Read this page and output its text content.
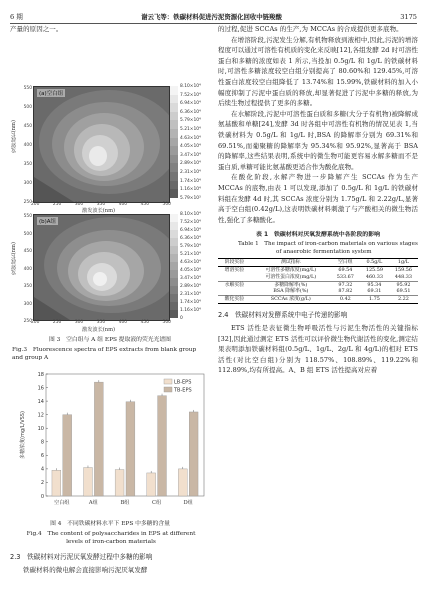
6 期	谢云飞等：铁碳材料促进污泥资源化回收中链羧酸	3175

产量的原因之一。

发射波长(nm)
550
500
450
400
350
300
250
(a)空白组
8.10×10⁴
7.52×10⁴
6.94×10⁴
6.36×10⁴
5.79×10⁴
5.21×10⁴
4.63×10⁴
4.05×10⁴
3.47×10⁴
2.89×10⁴
2.31×10⁴
1.74×10⁴
1.16×10⁴
5.79×10³
200	250	300	350	400	450	500
激发波长(nm)
发射波长(nm)
550
500
450
400
350
300
250
(b)A组
8.10×10⁴
7.52×10⁴
6.94×10⁴
6.36×10⁴
5.79×10⁴
5.21×10⁴
4.63×10⁴
4.05×10⁴
3.47×10⁴
2.89×10⁴
2.31×10⁴
1.74×10⁴
1.16×10⁴
0
200	250	300	350	400	450	500
激发波长(nm)
图 3　空白组与 A 组 EPS 提取液的荧光光谱图
Fig.3　Fluorescence spectra of EPS extracts from blank group and group A
0
2
4
6
8
10
12
14
16
18
多糖浓度(mg/L/VSS)
空白组	A组	B组	C组	D组
LB-EPS
TB-EPS
图 4　不同铁碳材料水平下 EPS 中多糖的含量
Fig.4　The content of polysaccharides in EPS at different levels of iron-carbon materials
2.3　铁碳材料对污泥厌氧发酵过程中多糖的影响

铁碳材料的微电解会直接影响污泥厌氧发酵

的过程,促进 SCCAs 的生产,为 MCCAs 的合成提供更多底物。

在增溶阶段,污泥发生分解,有机物释放到液相中,因此,污泥的增溶程度可以通过可溶性有机质的变化来反映[12],各组发酵 2d 时可溶性蛋白和多糖的浓度如表 1 所示,当投加 0.5g/L 和 1g/L 的铁碳材料时,可溶性多糖浓度较空白组分别提高了 80.60%和 129.45%,可溶性蛋白浓度较空白组降低了 13.74%和 15.99%,铁碳材料的加入小幅度抑制了污泥中蛋白质的释放,却显著促进了污泥中多糖的释放,为后续生物过程提供了更多的多糖。

在水解阶段,污泥中可溶性蛋白质和多糖(大分子有机物)被降解成氨基酸和单糖[24],发酵 3d 时各组中可溶性有机物的情况见表 1,当铁碳材料为 0.5g/L 和 1g/L 时,BSA 的降解率分别为 69.31%和 69.51%,而葡聚糖的降解率为 95.34%和 95.92%,显著高于 BSA 的降解率,这些结果表明,系统中的微生物可能更容易水解多糖而不是蛋白质,单糖可能比氨基酸更适合作为酸化底物。

在酸化阶段,水解产物进一步降解产生 SCCAs 作为生产 MCCAs 的底物,由表 1 可以发现,添加了 0.5g/L 和 1g/L 的铁碳材料组在发酵 4d 时,其 SCCAs 浓度分别为 1.75g/L 和 2.22g/L,显著高于空白组(0.42g/L),这表明铁碳材料刺激了与产酸相关的微生物活性,强化了多糖酸化。

表 1　铁碳材料对厌氧发酵系统中各阶段的影响
Table 1　The impact of iron-carbon materials on various stages
of anaerobic fermentation system
阶段实验	测试指标	空白组	0.5g/L	1g/L
增溶实验	可溶性多糖浓度(mg/L)	69.54	125.59	159.56
	可溶性蛋白浓度(mg/L)	533.67	460.33	448.33
水解实验	多糖降解率(%)	97.32	95.34	95.92
	BSA 降解率(%)	87.82	69.31	69.51
酸化实验	SCCAs 浓度(g/L)	0.42	1.75	2.22
2.4　铁碳材料对发酵系统中电子传递的影响

ETS 活性是表征微生物呼吸活性与污泥生物活性的关键指标[32],因此通过测定 ETS 活性可以评价微生物代谢活性的变化,测定结果表明添加铁碳材料组(0.5g/L、1g/L、2g/L 和 4g/L)的相对 ETS 活性(对比空白组)分别为 118.57%、108.89%、119.22%和 112.89%,均有所提高。A、B 组 ETS 活性提高对应着
